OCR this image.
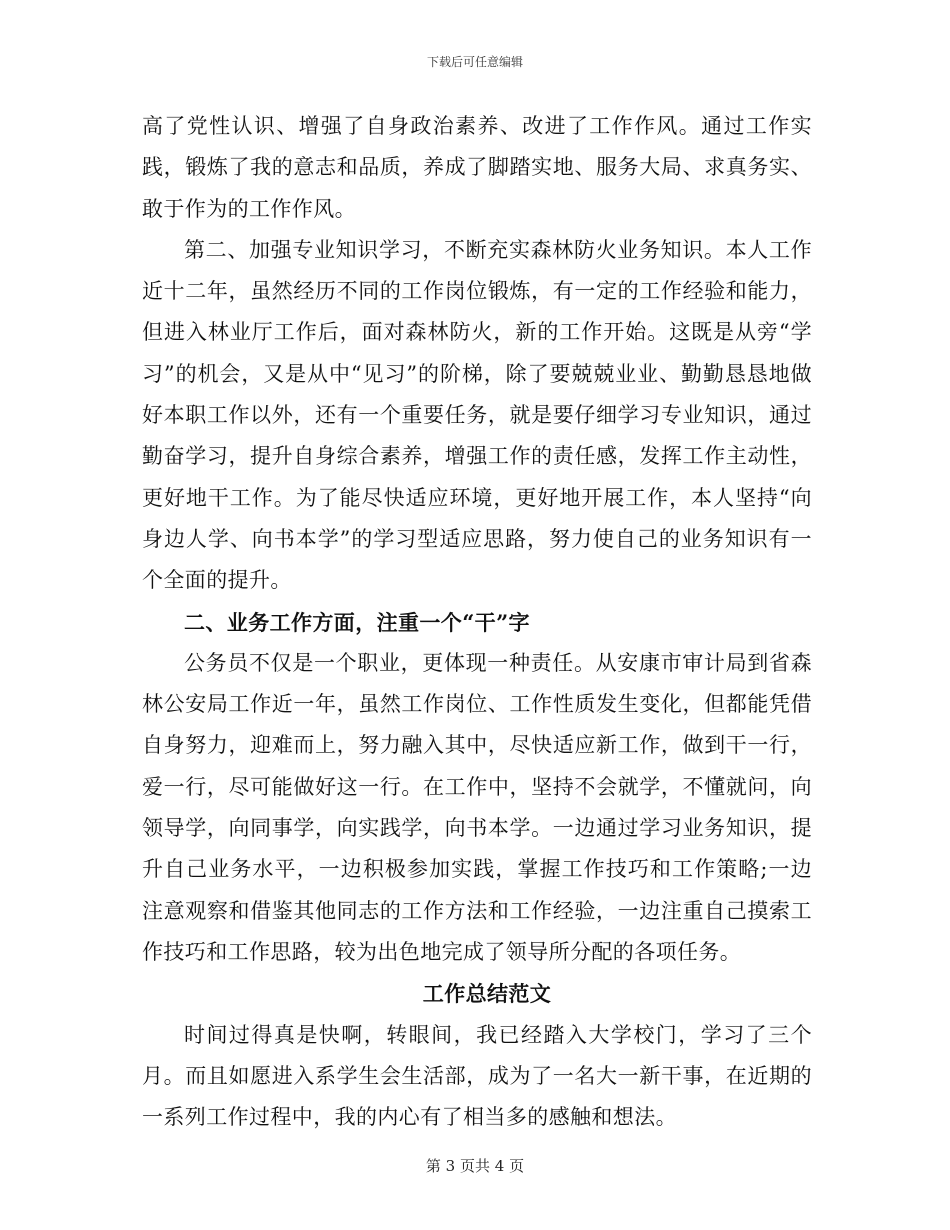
下载后可任意编辑

高了党性认识、增强了自身政治素养、改进了工作作风。通过工作实践，锻炼了我的意志和品质，养成了脚踏实地、服务大局、求真务实、敢于作为的工作作风。

第二、加强专业知识学习，不断充实森林防火业务知识。本人工作近十二年，虽然经历不同的工作岗位锻炼，有一定的工作经验和能力，但进入林业厅工作后，面对森林防火，新的工作开始。这既是从旁“学习”的机会，又是从中“见习”的阶梯，除了要兢兢业业、勤勤恳恳地做好本职工作以外，还有一个重要任务，就是要仔细学习专业知识，通过勤奋学习，提升自身综合素养，增强工作的责任感，发挥工作主动性，更好地干工作。为了能尽快适应环境，更好地开展工作，本人坚持“向身边人学、向书本学”的学习型适应思路，努力使自己的业务知识有一个全面的提升。

二、业务工作方面，注重一个“干”字

公务员不仅是一个职业，更体现一种责任。从安康市审计局到省森林公安局工作近一年，虽然工作岗位、工作性质发生变化，但都能凭借自身努力，迎难而上，努力融入其中，尽快适应新工作，做到干一行，爱一行，尽可能做好这一行。在工作中，坚持不会就学，不懂就问，向领导学，向同事学，向实践学，向书本学。一边通过学习业务知识，提升自己业务水平，一边积极参加实践，掌握工作技巧和工作策略;一边注意观察和借鉴其他同志的工作方法和工作经验，一边注重自己摸索工作技巧和工作思路，较为出色地完成了领导所分配的各项任务。

工作总结范文

时间过得真是快啊，转眼间，我已经踏入大学校门，学习了三个月。而且如愿进入系学生会生活部，成为了一名大一新干事，在近期的一系列工作过程中，我的内心有了相当多的感触和想法。

第 3 页共 4 页
